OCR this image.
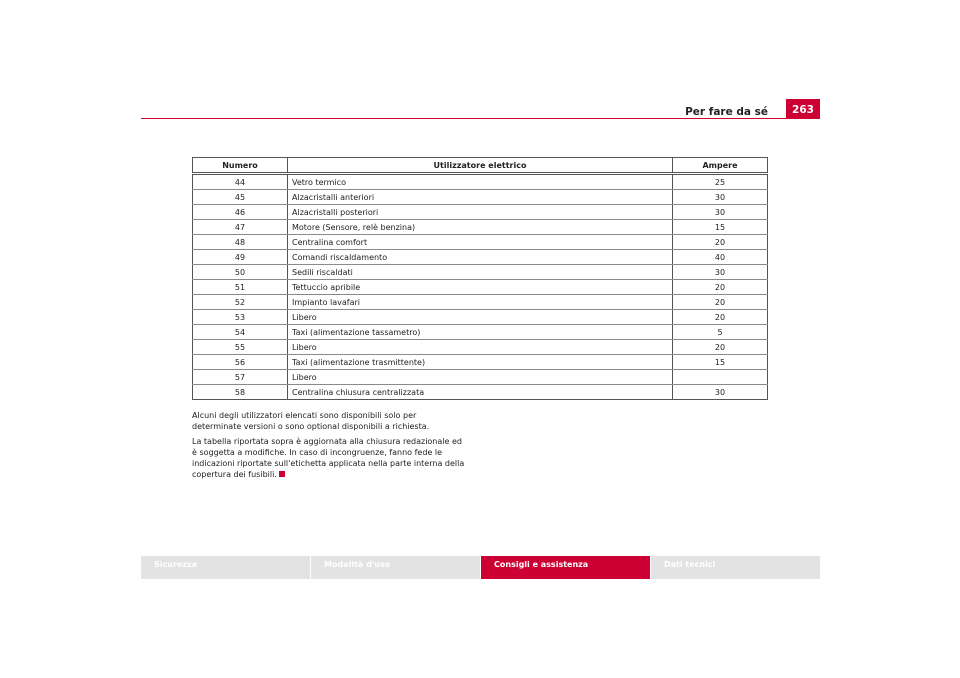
Per fare da sé	263
Numero	Utilizzatore elettrico	Ampere
44	Vetro termico	25
45	Alzacristalli anteriori	30
46	Alzacristalli posteriori	30
47	Motore (Sensore, relè benzina)	15
48	Centralina comfort	20
49	Comandi riscaldamento	40
50	Sedili riscaldati	30
51	Tettuccio apribile	20
52	Impianto lavafari	20
53	Libero	20
54	Taxi (alimentazione tassametro)	5
55	Libero	20
56	Taxi (alimentazione trasmittente)	15
57	Libero	
58	Centralina chiusura centralizzata	30

Alcuni degli utilizzatori elencati sono disponibili solo per determinate versioni o sono optional disponibili a richiesta.

La tabella riportata sopra è aggiornata alla chiusura redazionale ed è soggetta a modifiche. In caso di incongruenze, fanno fede le indicazioni riportate sull'etichetta applicata nella parte interna della copertura dei fusibili.

Sicurezza	Modalità d'uso	Consigli e assistenza	Dati tecnici
